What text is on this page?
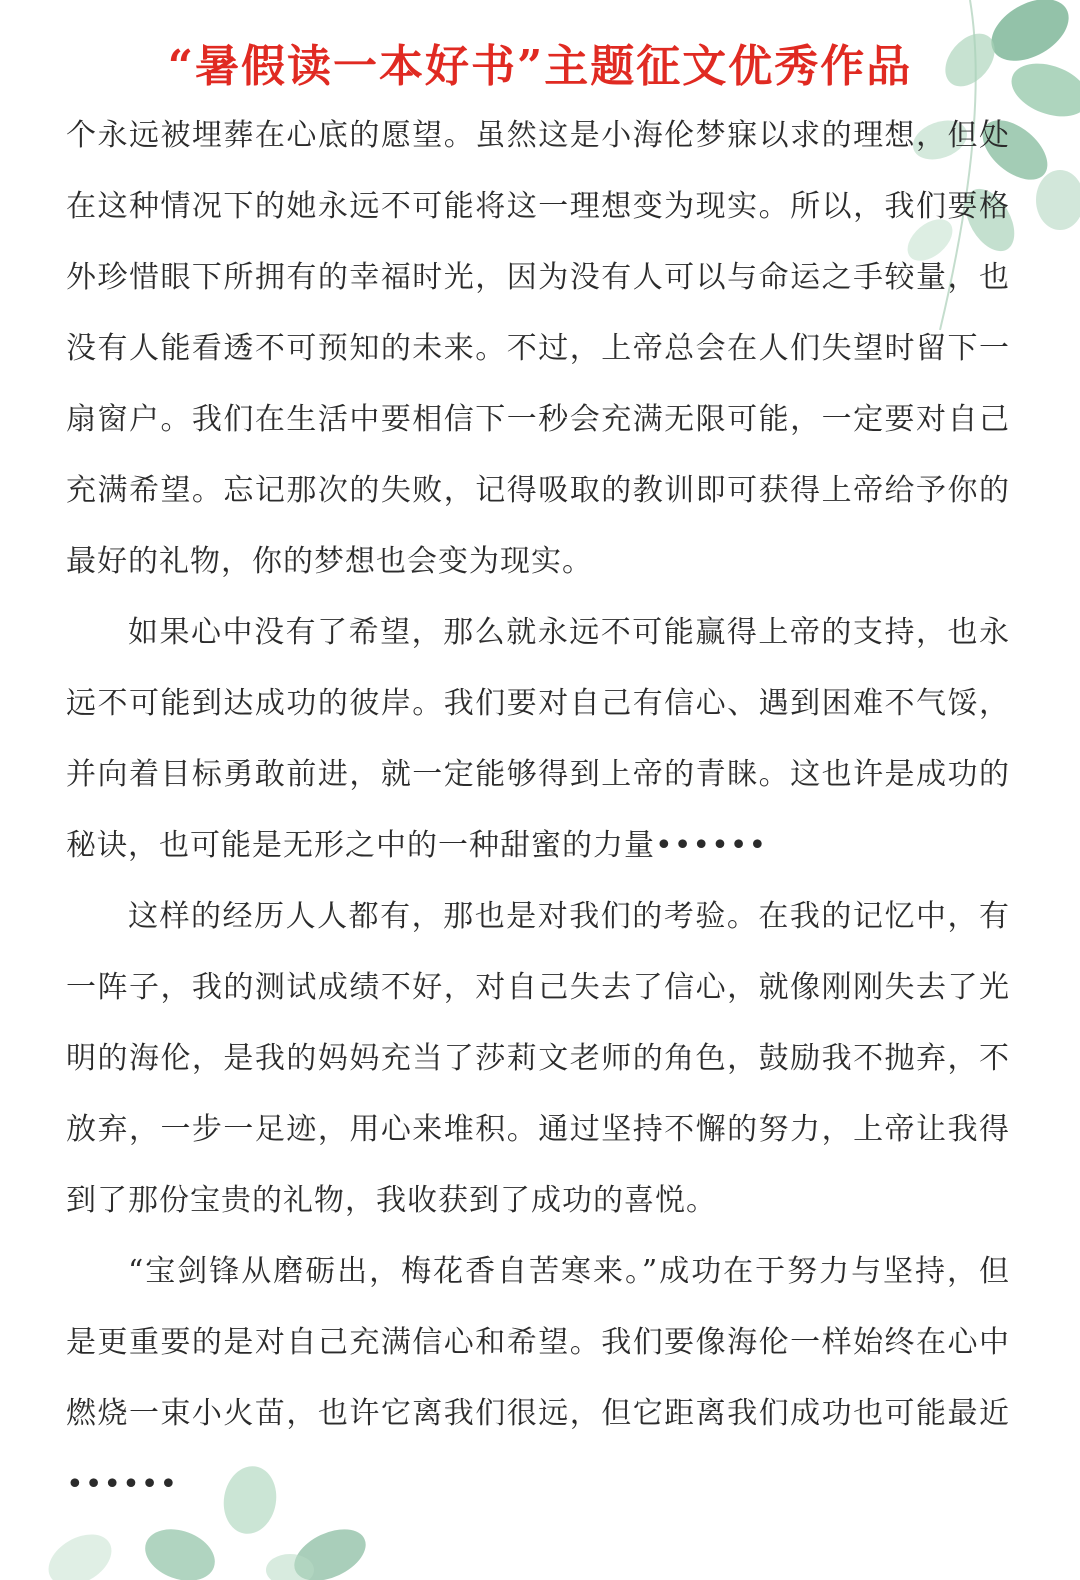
“暑假读一本好书”主题征文优秀作品

个永远被埋葬在心底的愿望。虽然这是小海伦梦寐以求的理想，但处在这种情况下的她永远不可能将这一理想变为现实。所以，我们要格外珍惜眼下所拥有的幸福时光，因为没有人可以与命运之手较量，也没有人能看透不可预知的未来。不过，上帝总会在人们失望时留下一扇窗户。我们在生活中要相信下一秒会充满无限可能，一定要对自己充满希望。忘记那次的失败，记得吸取的教训即可获得上帝给予你的最好的礼物，你的梦想也会变为现实。

如果心中没有了希望，那么就永远不可能赢得上帝的支持，也永远不可能到达成功的彼岸。我们要对自己有信心、遇到困难不气馁，并向着目标勇敢前进，就一定能够得到上帝的青睐。这也许是成功的秘诀，也可能是无形之中的一种甜蜜的力量••••••

这样的经历人人都有，那也是对我们的考验。在我的记忆中，有一阵子，我的测试成绩不好，对自己失去了信心，就像刚刚失去了光明的海伦，是我的妈妈充当了莎莉文老师的角色，鼓励我不抛弃，不放弃，一步一足迹，用心来堆积。通过坚持不懈的努力，上帝让我得到了那份宝贵的礼物，我收获到了成功的喜悦。

“宝剑锋从磨砺出，梅花香自苦寒来。”成功在于努力与坚持，但是更重要的是对自己充满信心和希望。我们要像海伦一样始终在心中燃烧一束小火苗，也许它离我们很远，但它距离我们成功也可能最近••••••
